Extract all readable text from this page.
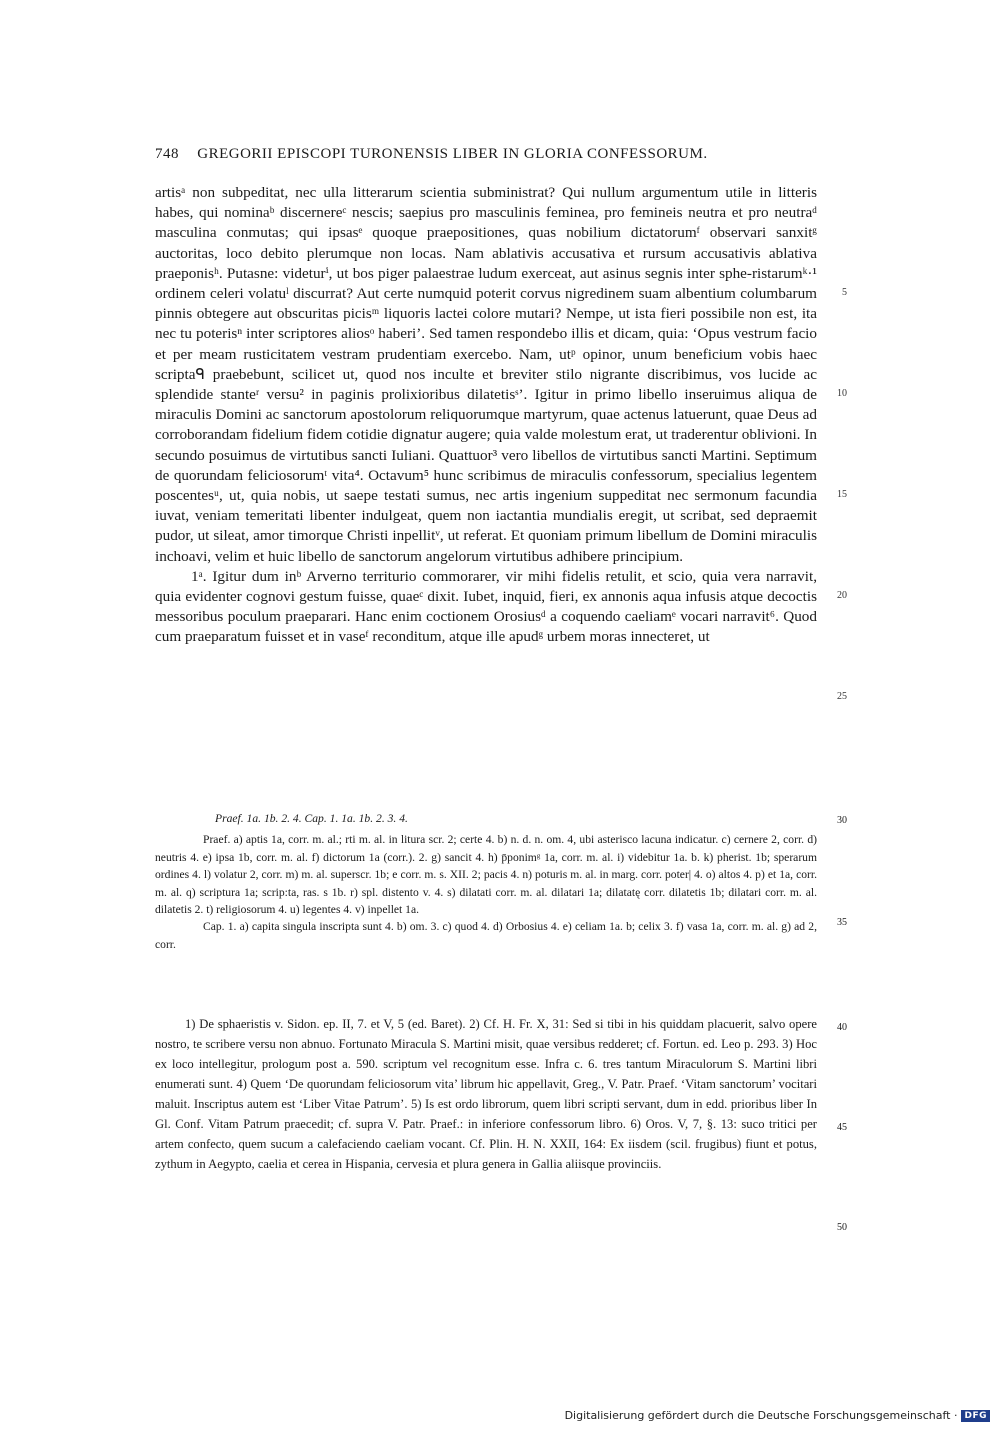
748 GREGORII EPISCOPI TURONENSIS LIBER IN GLORIA CONFESSORUM.

artisᵃ non subpeditat, nec ulla litterarum scientia subministrat? Qui nullum argumentum utile in litteris habes, qui nominaᵇ discernereᶜ nescis; saepius pro masculinis feminea, pro femineis neutra et pro neutraᵈ masculina conmutas; qui ipsasᵉ quoque praepositiones, quas nobilium dictatorumᶠ observari sanxitᵍ auctoritas, loco debito plerumque non locas. Nam ablativis accusativa et rursum accusativis ablativa praeponisʰ. Putasne: videturⁱ, ut bos piger palaestrae ludum exerceat, aut asinus segnis inter sphe-ristarumᵏ·¹ ordinem celeri volatuˡ discurrat? Aut certe numquid poterit corvus nigredinem suam albentium columbarum pinnis obtegere aut obscuritas picisᵐ liquoris lactei colore mutari? Nempe, ut ista fieri possibile non est, ita nec tu poterisⁿ inter scriptores aliosᵒ haberi’. Sed tamen respondebo illis et dicam, quia: ‘Opus vestrum facio et per meam rusticitatem vestram prudentiam exercebo. Nam, utᵖ opinor, unum beneficium vobis haec scriptaᑫ praebebunt, scilicet ut, quod nos inculte et breviter stilo nigrante discribimus, vos lucide ac splendide stanteʳ versu² in paginis prolixioribus dilatetisˢ’. Igitur in primo libello inseruimus aliqua de miraculis Domini ac sanctorum apostolorum reliquorumque martyrum, quae actenus latuerunt, quae Deus ad corroborandam fidelium fidem cotidie dignatur augere; quia valde molestum erat, ut traderentur oblivioni. In secundo posuimus de virtutibus sancti Iuliani. Quattuor³ vero libellos de virtutibus sancti Martini. Septimum de quorundam feliciosorumᵗ vita⁴. Octavum⁵ hunc scribimus de miraculis confessorum, specialius legentem poscentesᵘ, ut, quia nobis, ut saepe testati sumus, nec artis ingenium suppeditat nec sermonum facundia iuvat, veniam temeritati libenter indulgeat, quem non iactantia mundialis eregit, ut scribat, sed depraemit pudor, ut sileat, amor timorque Christi inpellitᵛ, ut referat. Et quoniam primum libellum de Domini miraculis inchoavi, velim et huic libello de sanctorum angelorum virtutibus adhibere principium.

1ᵃ. Igitur dum inᵇ Arverno territurio commorarer, vir mihi fidelis retulit, et scio, quia vera narravit, quia evidenter cognovi gestum fuisse, quaeᶜ dixit. Iubet, inquid, fieri, ex annonis aqua infusis atque decoctis messoribus poculum praeparari. Hanc enim coctionem Orosiusᵈ a coquendo caeliamᵉ vocari narravit⁶. Quod cum praeparatum fuisset et in vaseᶠ reconditum, atque ille apudᵍ urbem moras innecteret, ut

5
10
15
20
25
Praef. 1a. 1b. 2. 4. Cap. 1. 1a. 1b. 2. 3. 4.

Praef. a) aptis 1a, corr. m. al.; rti m. al. in litura scr. 2; certe 4. b) n. d. n. om. 4, ubi asterisco lacuna indicatur. c) cernere 2, corr. d) neutris 4. e) ipsa 1b, corr. m. al. f) dictorum 1a (corr.). 2. g) sancit 4. h) p̄ponimᵍ 1a, corr. m. al. i) videbitur 1a. b. k) pherist. 1b; sperarum ordines 4. l) volatur 2, corr. m) m. al. superscr. 1b; e corr. m. s. XII. 2; pacis 4. n) poturis m. al. in marg. corr. poter| 4. o) altos 4. p) et 1a, corr. m. al. q) scriptura 1a; scrip:ta, ras. s 1b. r) spl. distento v. 4. s) dilatati corr. m. al. dilatari 1a; dilatatę corr. dilatetis 1b; dilatari corr. m. al. dilatetis 2. t) religiosorum 4. u) legentes 4. v) inpellet 1a.

Cap. 1. a) capita singula inscripta sunt 4. b) om. 3. c) quod 4. d) Orbosius 4. e) celiam 1a. b; celix 3. f) vasa 1a, corr. m. al. g) ad 2, corr.

30
35

1) De sphaeristis v. Sidon. ep. II, 7. et V, 5 (ed. Baret). 2) Cf. H. Fr. X, 31: Sed si tibi in his quiddam placuerit, salvo opere nostro, te scribere versu non abnuo. Fortunato Miracula S. Martini misit, quae versibus redderet; cf. Fortun. ed. Leo p. 293. 3) Hoc ex loco intellegitur, prologum post a. 590. scriptum vel recognitum esse. Infra c. 6. tres tantum Miraculorum S. Martini libri enumerati sunt. 4) Quem ‘De quorundam feliciosorum vita’ librum hic appellavit, Greg., V. Patr. Praef. ‘Vitam sanctorum’ vocitari maluit. Inscriptus autem est ‘Liber Vitae Patrum’. 5) Is est ordo librorum, quem libri scripti servant, dum in edd. prioribus liber In Gl. Conf. Vitam Patrum praecedit; cf. supra V. Patr. Praef.: in inferiore confessorum libro. 6) Oros. V, 7, §. 13: suco tritici per artem confecto, quem sucum a calefaciendo caeliam vocant. Cf. Plin. H. N. XXII, 164: Ex iisdem (scil. frugibus) fiunt et potus, zythum in Aegypto, caelia et cerea in Hispania, cervesia et plura genera in Gallia aliisque provinciis.

40
45
50
Digitalisierung gefördert durch die Deutsche Forschungsgemeinschaft · DFG
